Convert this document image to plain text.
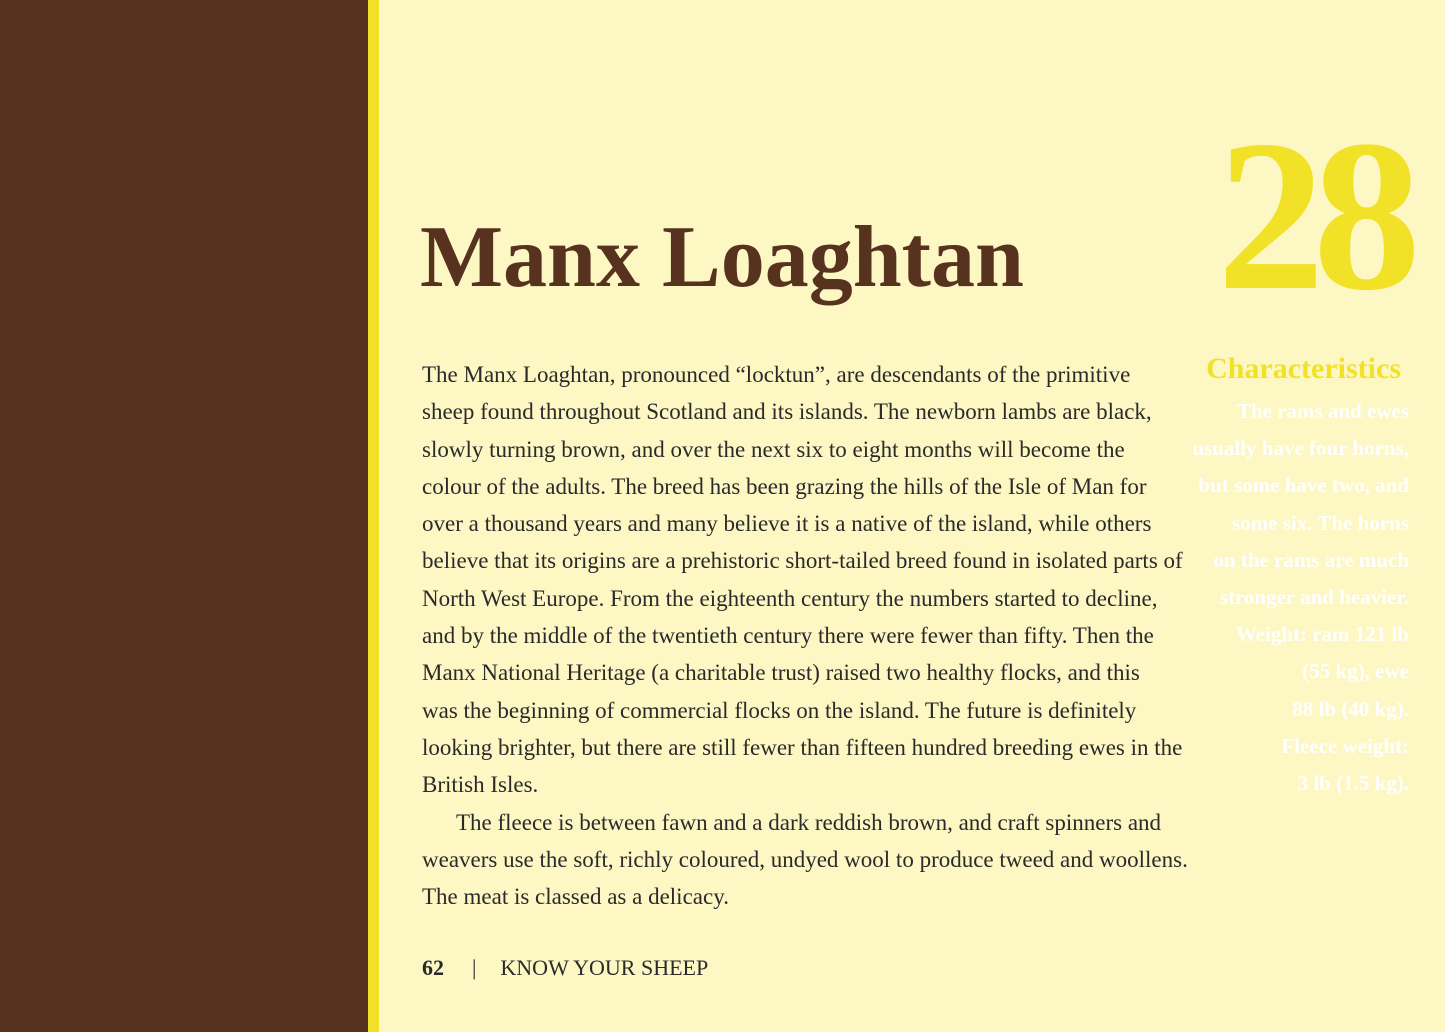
28
Characteristics
The rams and ewes
usually have four horns,
but some have two, and
some six. The horns
on the rams are much
stronger and heavier.
Weight: ram 121 lb
(55 kg), ewe
88 lb (40 kg).
Fleece weight:
3 lb (1.5 kg).
Manx Loaghtan
The Manx Loaghtan, pronounced “locktun”, are descendants of the primitive
sheep found throughout Scotland and its islands. The newborn lambs are black,
slowly turning brown, and over the next six to eight months will become the
colour of the adults. The breed has been grazing the hills of the Isle of Man for
over a thousand years and many believe it is a native of the island, while others
believe that its origins are a prehistoric short-tailed breed found in isolated parts of
North West Europe. From the eighteenth century the numbers started to decline,
and by the middle of the twentieth century there were fewer than fifty. Then the
Manx National Heritage (a charitable trust) raised two healthy flocks, and this
was the beginning of commercial flocks on the island. The future is definitely
looking brighter, but there are still fewer than fifteen hundred breeding ewes in the
British Isles.
The fleece is between fawn and a dark reddish brown, and craft spinners and
weavers use the soft, richly coloured, undyed wool to produce tweed and woollens.
The meat is classed as a delicacy.
62 | KNOW YOUR SHEEP
